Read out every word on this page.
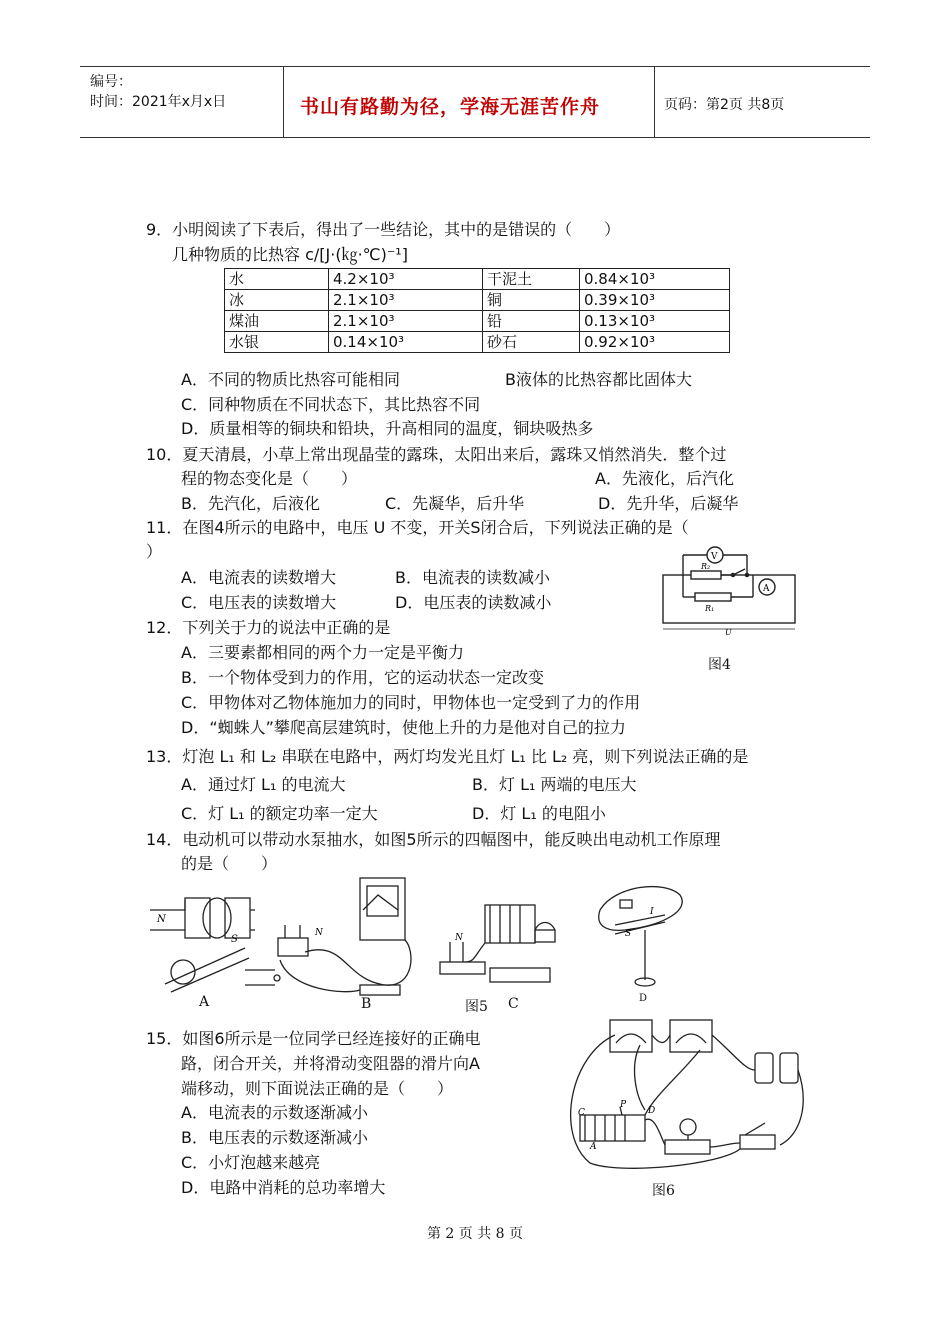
编号：
时间：2021年x月x日	书山有路勤为径，学海无涯苦作舟	页码：第2页 共8页
9．小明阅读了下表后，得出了一些结论，其中的是错误的（　　）
几种物质的比热容 c/[J·(㎏·℃)⁻¹]
水	4.2×10³	干泥土	0.84×10³
冰	2.1×10³	铜	0.39×10³
煤油	2.1×10³	铅	0.13×10³
水银	0.14×10³	砂石	0.92×10³
A．不同的物质比热容可能相同	B液体的比热容都比固体大
C．同种物质在不同状态下，其比热容不同
D．质量相等的铜块和铅块，升高相同的温度，铜块吸热多
10．夏天清晨，小草上常出现晶莹的露珠，太阳出来后，露珠又悄然消失．整个过
程的物态变化是（　　）	A．先液化，后汽化
B．先汽化，后液化	C．先凝华，后升华	D．先升华，后凝华
11．在图4所示的电路中，电压 U 不变，开关S闭合后，下列说法正确的是（
）
A．电流表的读数增大	B．电流表的读数减小
C．电压表的读数增大	D．电压表的读数减小
V
A
R₂
R₁
U
图4
12．下列关于力的说法中正确的是
A．三要素都相同的两个力一定是平衡力
B．一个物体受到力的作用，它的运动状态一定改变
C．甲物体对乙物体施加力的同时，甲物体也一定受到了力的作用
D．“蜘蛛人”攀爬高层建筑时，使他上升的力是他对自己的拉力
13．灯泡 L₁ 和 L₂ 串联在电路中，两灯均发光且灯 L₁ 比 L₂ 亮，则下列说法正确的是
A．通过灯 L₁ 的电流大	B．灯 L₁ 两端的电压大
C．灯 L₁ 的额定功率一定大	D．灯 L₁ 的电阻小
14．电动机可以带动水泵抽水，如图5所示的四幅图中，能反映出电动机工作原理
的是（　　）
N
S
N	N	S
I
A	B	图5 C	D
15．如图6所示是一位同学已经连接好的正确电
路，闭合开关，并将滑动变阻器的滑片向A
端移动，则下面说法正确的是（　　）
A．电流表的示数逐渐减小
B．电压表的示数逐渐减小
C．小灯泡越来越亮
D．电路中消耗的总功率增大
C
P
D
A
图6
第 2 页 共 8 页
